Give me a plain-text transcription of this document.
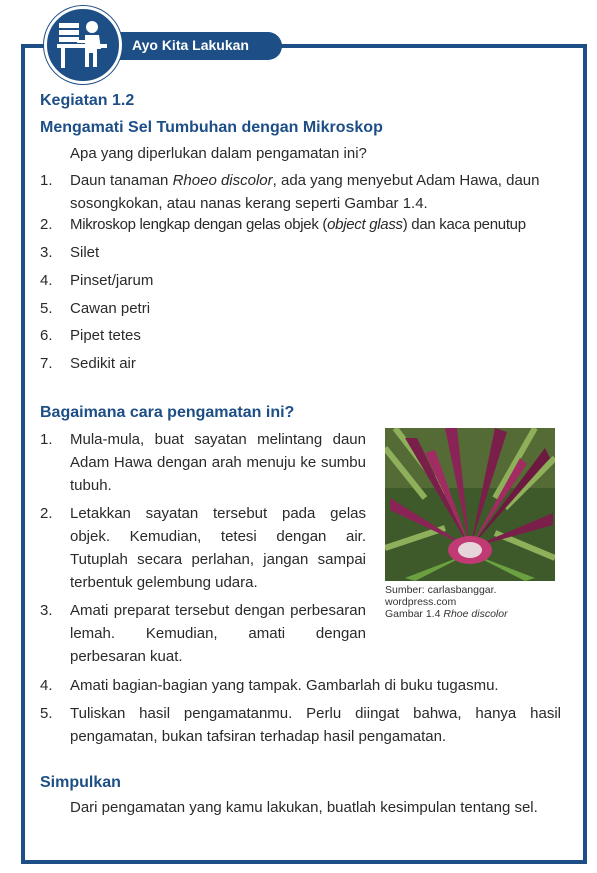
Ayo Kita Lakukan

Kegiatan 1.2

Mengamati Sel Tumbuhan dengan Mikroskop

Apa yang diperlukan dalam pengamatan ini?

1. Daun tanaman Rhoeo discolor, ada yang menyebut Adam Hawa, daun sosongkokan, atau nanas kerang seperti Gambar 1.4.
2. Mikroskop lengkap dengan gelas objek (object glass) dan kaca penutup
3. Silet
4. Pinset/jarum
5. Cawan petri
6. Pipet tetes
7. Sedikit air

Bagaimana cara pengamatan ini?

1. Mula-mula, buat sayatan melintang daun Adam Hawa dengan arah menuju ke sumbu tubuh.
2. Letakkan sayatan tersebut pada gelas objek. Kemudian, tetesi dengan air. Tutuplah secara perlahan, jangan sampai terbentuk gelembung udara.
3. Amati preparat tersebut dengan perbesaran lemah. Kemudian, amati dengan perbesaran kuat.
4. Amati bagian-bagian yang tampak. Gambarlah di buku tugasmu.
5. Tuliskan hasil pengamatanmu. Perlu diingat bahwa, hanya hasil pengamatan, bukan tafsiran terhadap hasil pengamatan.
Sumber: carlasbanggar. wordpress.com
Gambar 1.4 Rhoe discolor

Simpulkan

Dari pengamatan yang kamu lakukan, buatlah kesimpulan tentang sel.
